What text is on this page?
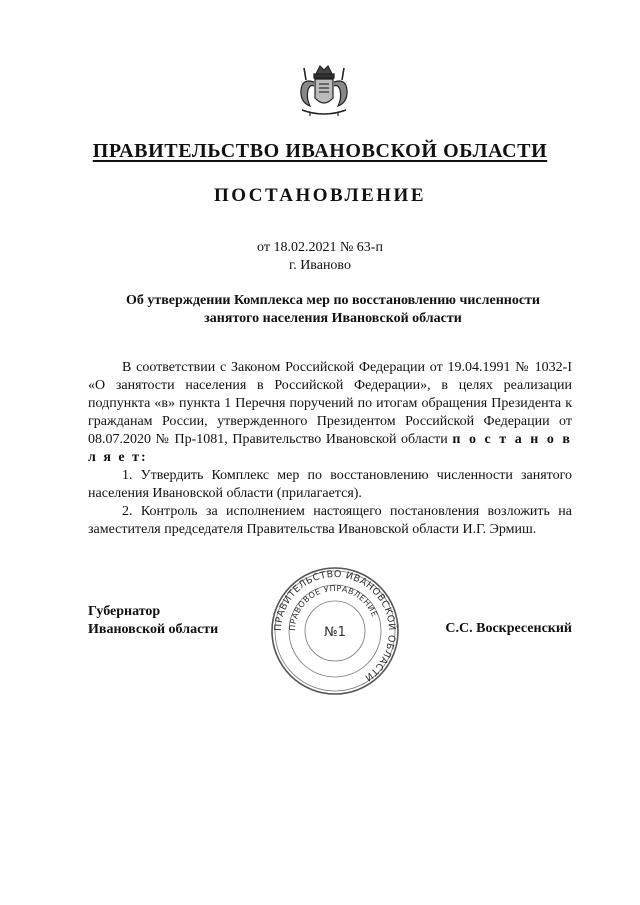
ПРАВИТЕЛЬСТВО ИВАНОВСКОЙ ОБЛАСТИ
ПОСТАНОВЛЕНИЕ
от 18.02.2021 № 63-п
г. Иваново
Об утверждении Комплекса мер по восстановлению численности
занятого населения Ивановской области

В соответствии с Законом Российской Федерации от 19.04.1991 № 1032-I «О занятости населения в Российской Федерации», в целях реализации подпункта «в» пункта 1 Перечня поручений по итогам обращения Президента к гражданам России, утвержденного Президентом Российской Федерации от 08.07.2020 № Пр-1081, Правительство Ивановской области п о с т а н о в л я е т:

1. Утвердить Комплекс мер по восстановлению численности занятого населения Ивановской области (прилагается).

2. Контроль за исполнением настоящего постановления возложить на заместителя председателя Правительства Ивановской области И.Г. Эрмиш.

Губернатор
Ивановской области	ПРАВИТЕЛЬСТВО ИВАНОВСКОЙ ОБЛАСТИ
ПРАВОВОЕ УПРАВЛЕНИЕ
№1	С.С. Воскресенский
